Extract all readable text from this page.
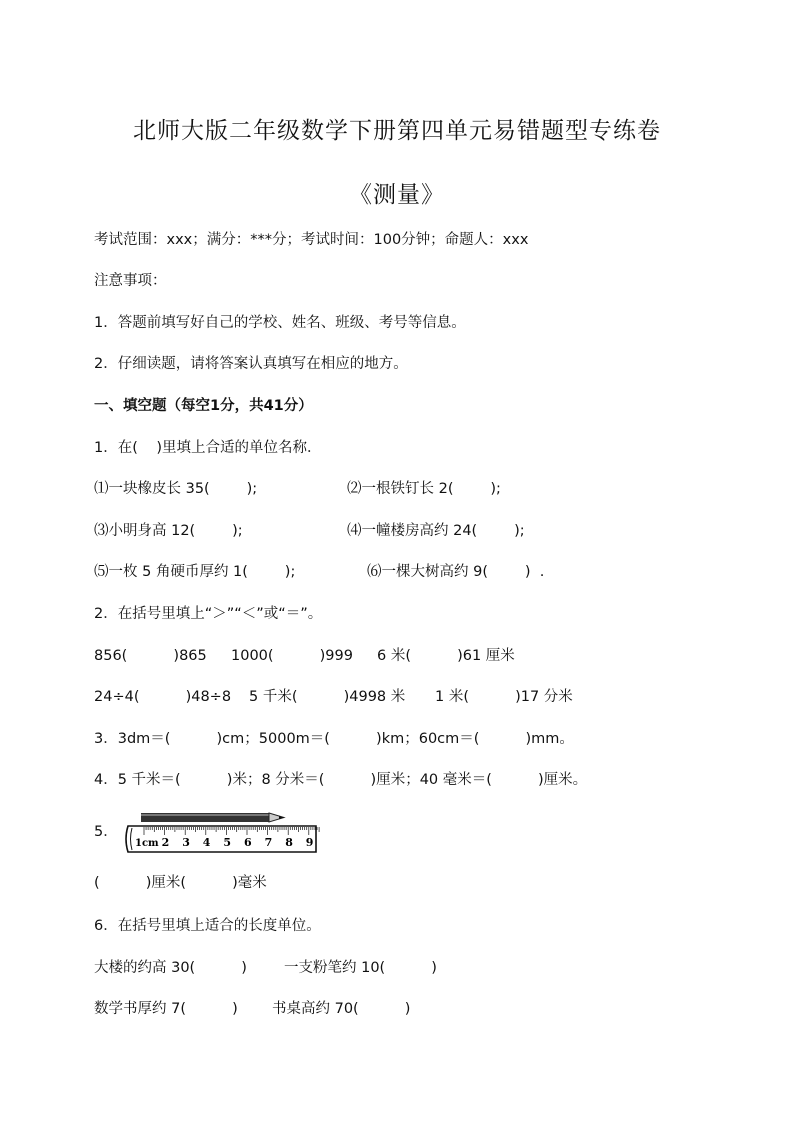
北师大版二年级数学下册第四单元易错题型专练卷
《测量》
考试范围：xxx；满分：***分；考试时间：100分钟；命题人：xxx
注意事项：
1．答题前填写好自己的学校、姓名、班级、考号等信息。
2．仔细读题，请将答案认真填写在相应的地方。
一、填空题（每空1分，共41分）
1．在(    )里填上合适的单位名称．
⑴一块橡皮长 35(        );	⑵一根铁钉长 2(        );
⑶小明身高 12(        );	⑷一幢楼房高约 24(        );
⑸一枚 5 角硬币厚约 1(        );	⑹一棵大树高约 9(        )  .
2．在括号里填上“＞”“＜”或“＝”。
856(          )865 1000(          )999 6 米(          )61 厘米
24÷4(          )48÷8 5 千米(          )4998 米 1 米(          )17 分米
3．3dm＝(          )cm；5000m＝(          )km；60cm＝(          )mm。
4．5 千米＝(          )米；8 分米＝(          )厘米；40 毫米＝(          )厘米。
5．
1cm 2 3 4 5 6 7 8 9
(          )厘米(          )毫米
6．在括号里填上适合的长度单位。
大楼的约高 30(          )	一支粉笔约 10(          )
数学书厚约 7(          ) 书桌高约 70(          )
